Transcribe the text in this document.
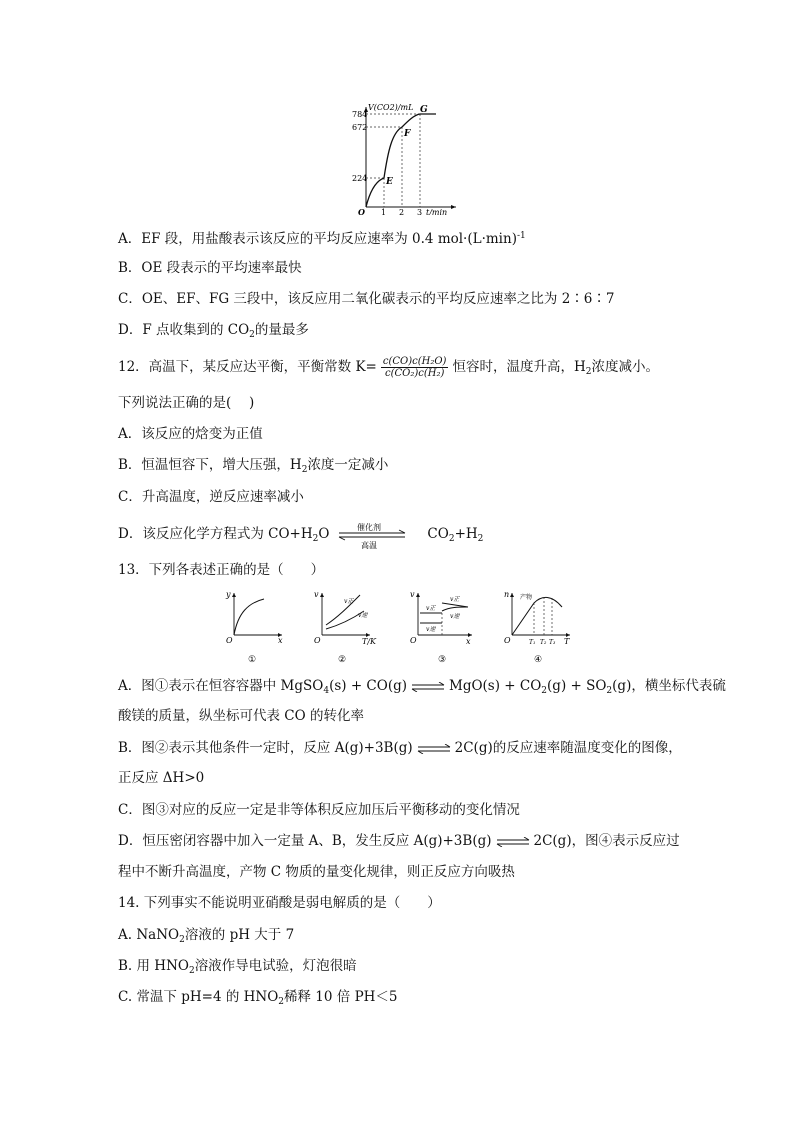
V(CO2)/mL
784
672
224
1 2 3 t/min
O
E
F
G
A．EF 段，用盐酸表示该反应的平均反应速率为 0.4 $mol\cdot(L\cdot\min)^{-1}$
B．OE 段表示的平均速率最快
C．OE、EF、FG 三段中，该反应用二氧化碳表示的平均反应速率之比为 2∶6∶7
D．F 点收集到的 $CO_2$的量最多
12．高温下，某反应达平衡，平衡常数 $K= \frac{\text{c(CO)c(H₂O)}}{\text{c(CO₂)c(H₂)}}$ 恒容时，温度升高，$H_2$浓度减小。
下列说法正确的是(　 )
A．该反应的焓变为正值
B．恒温恒容下，增大压强，$H_2$浓度一定减小
C．升高温度，逆反应速率减小
D．该反应化学方程式为 $CO+H_2O$	催化剂
高温
$CO_2+H_2$
13．下列各表述正确的是（　　）
y
x
O
①
v
T/K
O
v正
v逆
②
v
x
O
v正
v逆
v正
v逆
③
n
T
O
产物
T₁ T₂ T₃
④
A．图①表示在恒容容器中 MgSO$_4$(s) + CO(g) ⇌ $MgO(s) + CO_2(g) + SO_2(g)$，横坐标代表硫
酸镁的质量，纵坐标可代表 CO 的转化率
B．图②表示其他条件一定时，反应 A(g)+3B(g) ⇌ 2C(g)的反应速率随温度变化的图像，
正反应 ΔH>0
C．图③对应的反应一定是非等体积反应加压后平衡移动的变化情况
D．恒压密闭容器中加入一定量 A、B，发生反应 A(g)+3B(g) ⇌ 2C(g)，图④表示反应过
程中不断升高温度，产物 C 物质的量变化规律，则正反应方向吸热
14. 下列事实不能说明亚硝酸是弱电解质的是（　　）
A. NaNO$_2$溶液的 pH 大于 7
B. 用 $HNO_2$溶液作导电试验，灯泡很暗
C. 常温下 pH=4 的 $HNO_2$稀释 10 倍 PH＜5
